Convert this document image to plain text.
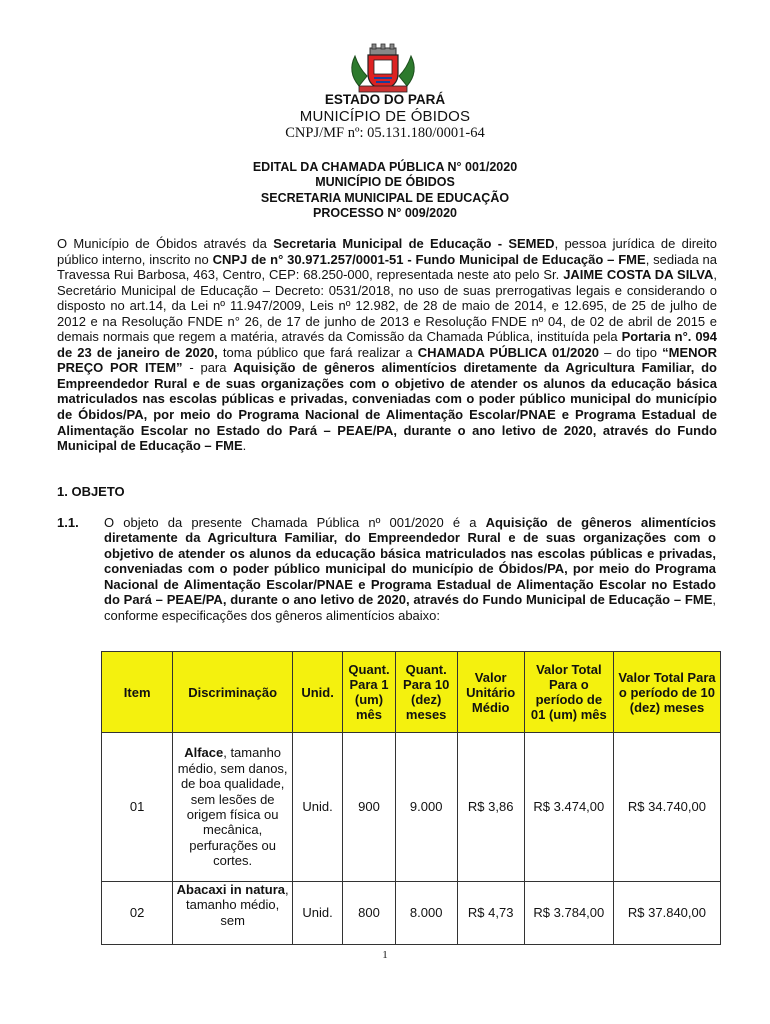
ESTADO DO PARÁ
MUNICÍPIO DE ÓBIDOS
CNPJ/MF nº: 05.131.180/0001-64
EDITAL DA CHAMADA PÚBLICA N° 001/2020
MUNICÍPIO DE ÓBIDOS
SECRETARIA MUNICIPAL DE EDUCAÇÃO
PROCESSO N° 009/2020
O Município de Óbidos através da Secretaria Municipal de Educação - SEMED, pessoa jurídica de direito público interno, inscrito no CNPJ de n° 30.971.257/0001-51 - Fundo Municipal de Educação – FME, sediada na Travessa Rui Barbosa, 463, Centro, CEP: 68.250-000, representada neste ato pelo Sr. JAIME COSTA DA SILVA, Secretário Municipal de Educação – Decreto: 0531/2018, no uso de suas prerrogativas legais e considerando o disposto no art.14, da Lei nº 11.947/2009, Leis nº 12.982, de 28 de maio de 2014, e 12.695, de 25 de julho de 2012 e na Resolução FNDE n° 26, de 17 de junho de 2013 e Resolução FNDE nº 04, de 02 de abril de 2015 e demais normais que regem a matéria, através da Comissão da Chamada Pública, instituída pela Portaria n°. 094 de 23 de janeiro de 2020, toma público que fará realizar a CHAMADA PÚBLICA 01/2020 – do tipo “MENOR PREÇO POR ITEM” - para Aquisição de gêneros alimentícios diretamente da Agricultura Familiar, do Empreendedor Rural e de suas organizações com o objetivo de atender os alunos da educação básica matriculados nas escolas públicas e privadas, conveniadas com o poder público municipal do município de Óbidos/PA, por meio do Programa Nacional de Alimentação Escolar/PNAE e Programa Estadual de Alimentação Escolar no Estado do Pará – PEAE/PA, durante o ano letivo de 2020, através do Fundo Municipal de Educação – FME.
1. OBJETO
1.1. O objeto da presente Chamada Pública nº 001/2020 é a Aquisição de gêneros alimentícios diretamente da Agricultura Familiar, do Empreendedor Rural e de suas organizações com o objetivo de atender os alunos da educação básica matriculados nas escolas públicas e privadas, conveniadas com o poder público municipal do município de Óbidos/PA, por meio do Programa Nacional de Alimentação Escolar/PNAE e Programa Estadual de Alimentação Escolar no Estado do Pará – PEAE/PA, durante o ano letivo de 2020, através do Fundo Municipal de Educação – FME, conforme especificações dos gêneros alimentícios abaixo:
Item	Discriminação	Unid.	Quant. Para 1 (um) mês	Quant. Para 10 (dez) meses	Valor Unitário Médio	Valor Total Para o período de 01 (um) mês	Valor Total Para o período de 10 (dez) meses
01	Alface, tamanho médio, sem danos, de boa qualidade, sem lesões de origem física ou mecânica, perfurações ou cortes.	Unid.	900	9.000	R$ 3,86	R$ 3.474,00	R$ 34.740,00
02	Abacaxi in natura, tamanho médio, sem	Unid.	800	8.000	R$ 4,73	R$ 3.784,00	R$ 37.840,00
1
